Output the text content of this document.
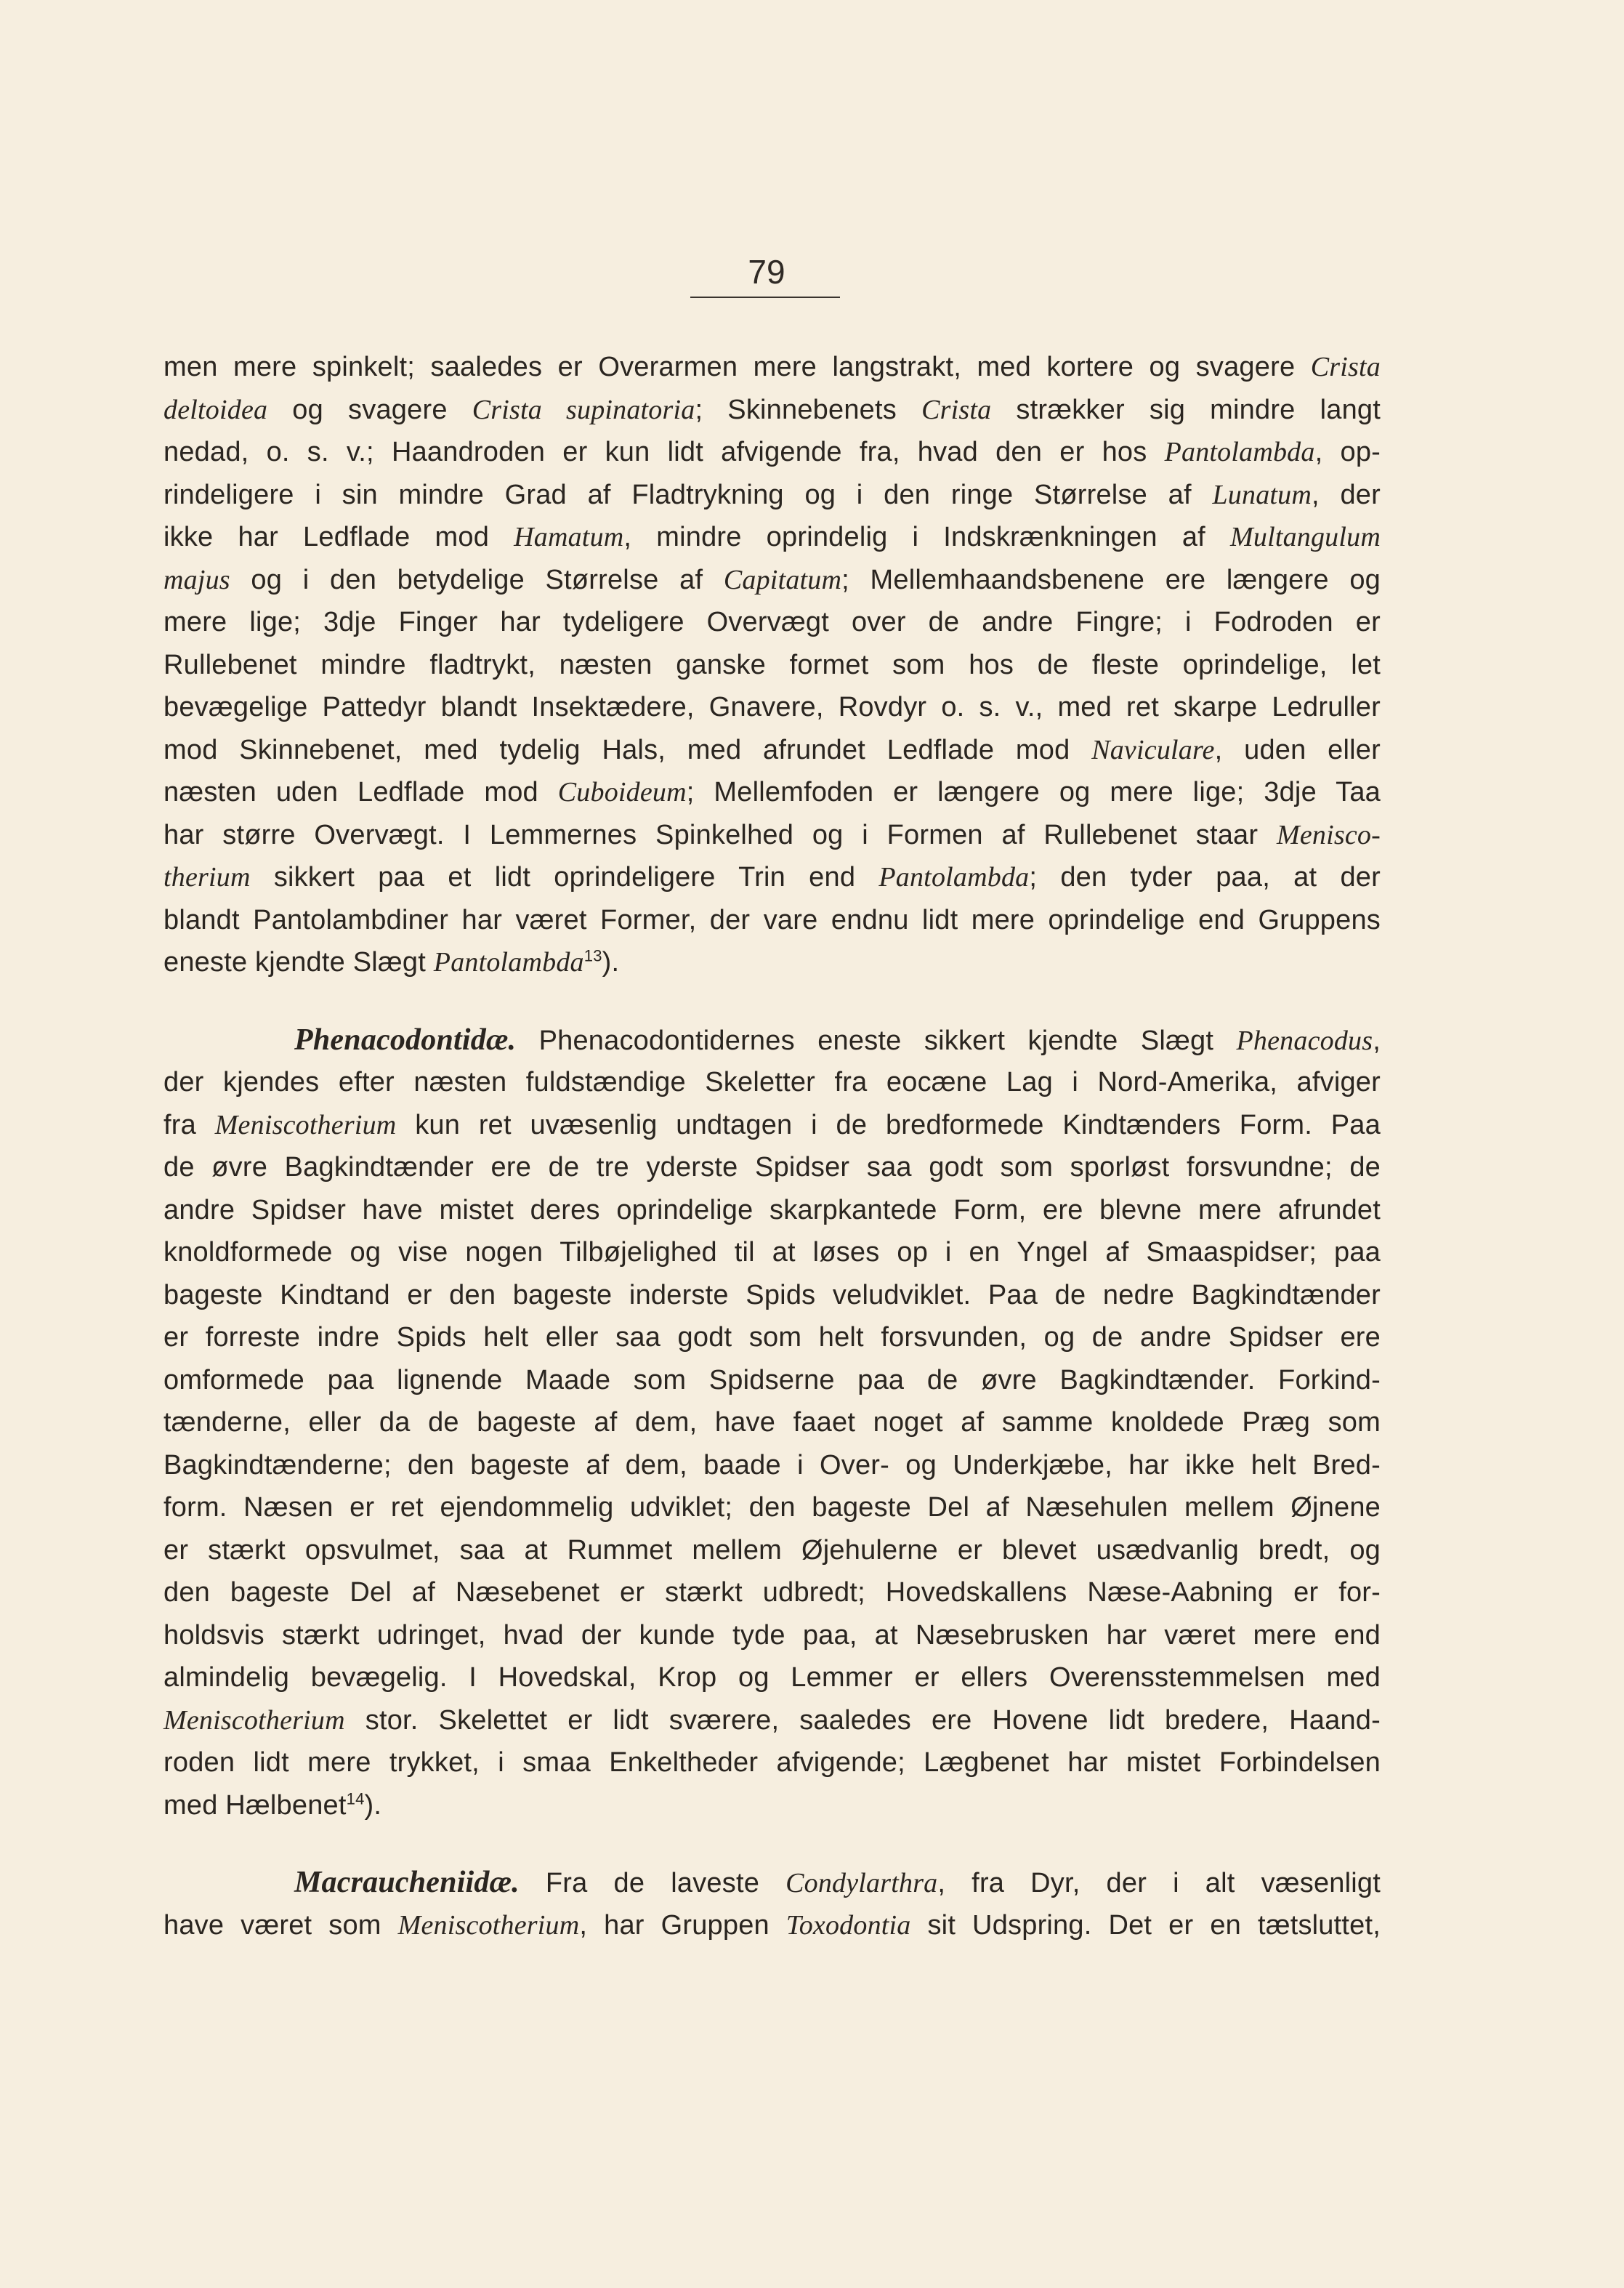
79
men mere spinkelt; saaledes er Overarmen mere langstrakt, med kortere og svagere Crista
deltoidea og svagere Crista supinatoria; Skinnebenets Crista strækker sig mindre langt
nedad, o. s. v.; Haandroden er kun lidt afvigende fra, hvad den er hos Pantolambda, op-
rindeligere i sin mindre Grad af Fladtrykning og i den ringe Størrelse af Lunatum, der
ikke har Ledflade mod Hamatum, mindre oprindelig i Indskrænkningen af Multangulum
majus og i den betydelige Størrelse af Capitatum; Mellemhaandsbenene ere længere og
mere lige; 3dje Finger har tydeligere Overvægt over de andre Fingre; i Fodroden er
Rullebenet mindre fladtrykt, næsten ganske formet som hos de fleste oprindelige, let
bevægelige Pattedyr blandt Insektædere, Gnavere, Rovdyr o. s. v., med ret skarpe Ledruller
mod Skinnebenet, med tydelig Hals, med afrundet Ledflade mod Naviculare, uden eller
næsten uden Ledflade mod Cuboideum; Mellemfoden er længere og mere lige; 3dje Taa
har større Overvægt. I Lemmernes Spinkelhed og i Formen af Rullebenet staar Menisco-
therium sikkert paa et lidt oprindeligere Trin end Pantolambda; den tyder paa, at der
blandt Pantolambdiner har været Former, der vare endnu lidt mere oprindelige end Gruppens
eneste kjendte Slægt Pantolambda$^{13}$).
Phenacodontidæ. Phenacodontidernes eneste sikkert kjendte Slægt Phenacodus,
der kjendes efter næsten fuldstændige Skeletter fra eocæne Lag i Nord-Amerika, afviger
fra Meniscotherium kun ret uvæsenlig undtagen i de bredformede Kindtænders Form. Paa
de øvre Bagkindtænder ere de tre yderste Spidser saa godt som sporløst forsvundne; de
andre Spidser have mistet deres oprindelige skarpkantede Form, ere blevne mere afrundet
knoldformede og vise nogen Tilbøjelighed til at løses op i en Yngel af Smaaspidser; paa
bageste Kindtand er den bageste inderste Spids veludviklet. Paa de nedre Bagkindtænder
er forreste indre Spids helt eller saa godt som helt forsvunden, og de andre Spidser ere
omformede paa lignende Maade som Spidserne paa de øvre Bagkindtænder. Forkind-
tænderne, eller da de bageste af dem, have faaet noget af samme knoldede Præg som
Bagkindtænderne; den bageste af dem, baade i Over- og Underkjæbe, har ikke helt Bred-
form. Næsen er ret ejendommelig udviklet; den bageste Del af Næsehulen mellem Øjnene
er stærkt opsvulmet, saa at Rummet mellem Øjehulerne er blevet usædvanlig bredt, og
den bageste Del af Næsebenet er stærkt udbredt; Hovedskallens Næse-Aabning er for-
holdsvis stærkt udringet, hvad der kunde tyde paa, at Næsebrusken har været mere end
almindelig bevægelig. I Hovedskal, Krop og Lemmer er ellers Overensstemmelsen med
Meniscotherium stor. Skelettet er lidt sværere, saaledes ere Hovene lidt bredere, Haand-
roden lidt mere trykket, i smaa Enkeltheder afvigende; Lægbenet har mistet Forbindelsen
med Hælbenet$^{14}$).
Macraucheniidæ. Fra de laveste Condylarthra, fra Dyr, der i alt væsenligt
have været som Meniscotherium, har Gruppen Toxodontia sit Udspring. Det er en tætsluttet,
